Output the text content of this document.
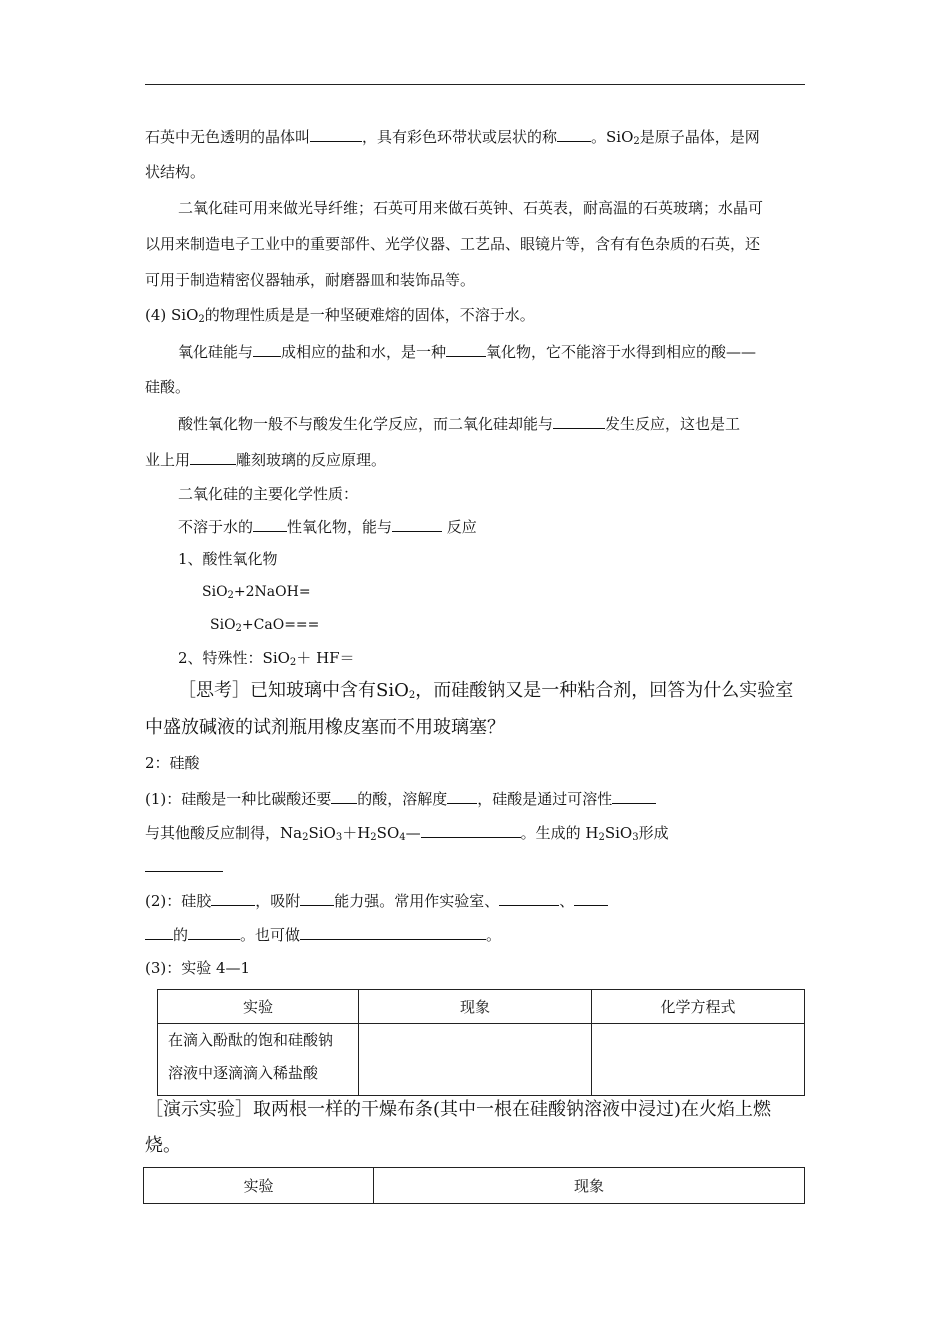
石英中无色透明的晶体叫	，具有彩色环带状或层状的称 。SiO$_2$是原子晶体，是网
状结构。
二氧化硅可用来做光导纤维；石英可用来做石英钟、石英表，耐高温的石英玻璃；水晶可
以用来制造电子工业中的重要部件、光学仪器、工艺品、眼镜片等，含有有色杂质的石英，还
可用于制造精密仪器轴承，耐磨器皿和装饰品等。
(4) SiO$_2$的物理性质是是一种坚硬难熔的固体，不溶于水。
氧化硅能与 成相应的盐和水，是一种	氧化物，它不能溶于水得到相应的酸——
硅酸。
酸性氧化物一般不与酸发生化学反应，而二氧化硅却能与	发生反应，这也是工
业上用	雕刻玻璃的反应原理。
二氧化硅的主要化学性质：
不溶于水的 性氧化物，能与	反应
1、酸性氧化物
SiO$_2$+2NaOH=
SiO$_2$+CaO===
2、特殊性：SiO$_2$＋ HF＝
［思考］已知玻璃中含有SiO$_2$，而硅酸钠又是一种粘合剂，回答为什么实验室
中盛放碱液的试剂瓶用橡皮塞而不用玻璃塞？
2：硅酸
(1)：硅酸是一种比碳酸还要 的酸，溶解度 ，硅酸是通过可溶性
与其他酸反应制得，$Na_2SiO_3+H_2SO_4—$	。生成的 $H_2SiO_3$形成
(2)：硅胶	，吸附 能力强。常用作实验室、	、
的	。也可做	。
(3)：实验 4—1
实验	现象	化学方程式

在滴入酚酞的饱和硅酸钠
溶液中逐滴滴入稀盐酸		

［演示实验］取两根一样的干燥布条(其中一根在硅酸钠溶液中浸过)在火焰上燃
烧。
实验	现象
